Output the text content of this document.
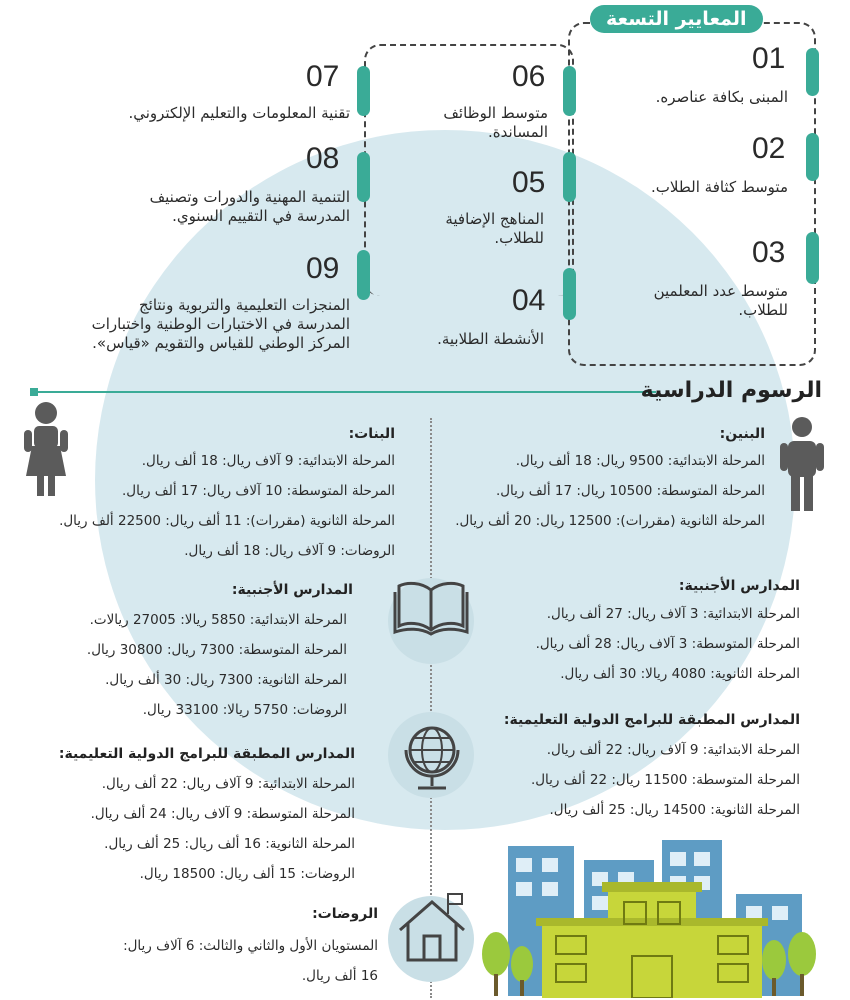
المعايير التسعة
01
المبنى بكافة عناصره.
02
متوسط كثافة الطلاب.
03
متوسط عدد المعلمين
للطلاب.
06
متوسط الوظائف
المساندة.
05
المناهج الإضافية
للطلاب.
04
الأنشطة الطلابية.
07
تقنية المعلومات والتعليم الإلكتروني.
08
التنمية المهنية والدورات وتصنيف
المدرسة في التقييم السنوي.
09
المنجزات التعليمية والتربوية ونتائج
المدرسة في الاختبارات الوطنية واختبارات
المركز الوطني للقياس والتقويم «قياس».
الرسوم الدراسية
البنين:
المرحلة الابتدائية: 9500 ريال: 18 ألف ريال.
المرحلة المتوسطة: 10500 ريال: 17 ألف ريال.
المرحلة الثانوية (مقررات): 12500 ريال: 20 ألف ريال.
البنات:
المرحلة الابتدائية: 9 آلاف ريال: 18 ألف ريال.
المرحلة المتوسطة: 10 آلاف ريال: 17 ألف ريال.
المرحلة الثانوية (مقررات): 11 ألف ريال: 22500 ألف ريال.
الروضات: 9 آلاف ريال: 18 ألف ريال.
المدارس الأجنبية:
المرحلة الابتدائية: 3 آلاف ريال: 27 ألف ريال.
المرحلة المتوسطة: 3 آلاف ريال: 28 ألف ريال.
المرحلة الثانوية: 4080 ريالا: 30 ألف ريال.
المدارس الأجنبية:
المرحلة الابتدائية: 5850 ريالا: 27005 ريالات.
المرحلة المتوسطة: 7300 ريال: 30800 ريال.
المرحلة الثانوية: 7300 ريال: 30 ألف ريال.
الروضات: 5750 ريالا: 33100 ريال.
المدارس المطبقة للبرامج الدولية التعليمية:
المرحلة الابتدائية: 9 آلاف ريال: 22 ألف ريال.
المرحلة المتوسطة: 11500 ريال: 22 ألف ريال.
المرحلة الثانوية: 14500 ريال: 25 ألف ريال.
المدارس المطبقة للبرامج الدولية التعليمية:
المرحلة الابتدائية: 9 آلاف ريال: 22 ألف ريال.
المرحلة المتوسطة: 9 آلاف ريال: 24 ألف ريال.
المرحلة الثانوية: 16 ألف ريال: 25 ألف ريال.
الروضات: 15 ألف ريال: 18500 ريال.
الروضات:
المستويان الأول والثاني والثالث: 6 آلاف ريال:
16 ألف ريال.
